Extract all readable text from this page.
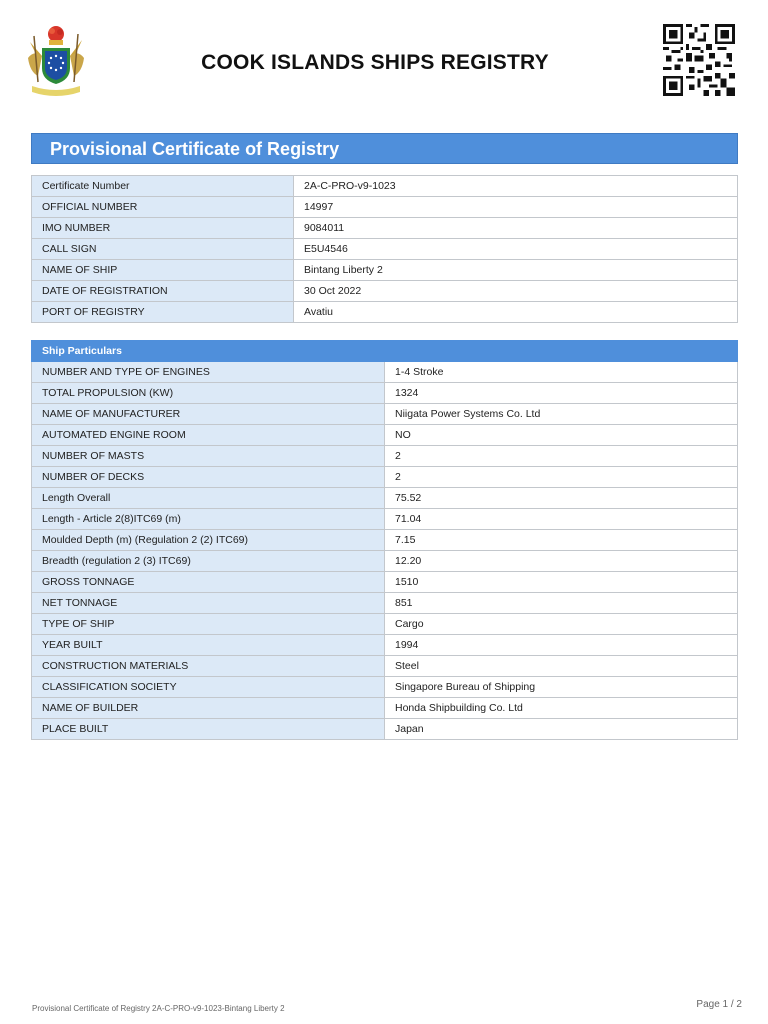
COOK ISLANDS SHIPS REGISTRY
Provisional Certificate of Registry
Certificate Number	2A-C-PRO-v9-1023
OFFICIAL NUMBER	14997
IMO NUMBER	9084011
CALL SIGN	E5U4546
NAME OF SHIP	Bintang Liberty 2
DATE OF REGISTRATION	30 Oct 2022
PORT OF REGISTRY	Avatiu
Ship Particulars	
NUMBER AND TYPE OF ENGINES	1-4 Stroke
TOTAL PROPULSION (KW)	1324
NAME OF MANUFACTURER	Niigata Power Systems Co. Ltd
AUTOMATED ENGINE ROOM	NO
NUMBER OF MASTS	2
NUMBER OF DECKS	2
Length Overall	75.52
Length - Article 2(8)ITC69 (m)	71.04
Moulded Depth (m) (Regulation 2 (2) ITC69)	7.15
Breadth (regulation 2 (3) ITC69)	12.20
GROSS TONNAGE	1510
NET TONNAGE	851
TYPE OF SHIP	Cargo
YEAR BUILT	1994
CONSTRUCTION MATERIALS	Steel
CLASSIFICATION SOCIETY	Singapore Bureau of Shipping
NAME OF BUILDER	Honda Shipbuilding Co. Ltd
PLACE BUILT	Japan
Provisional Certificate of Registry 2A-C-PRO-v9-1023-Bintang Liberty 2	Page 1 / 2
